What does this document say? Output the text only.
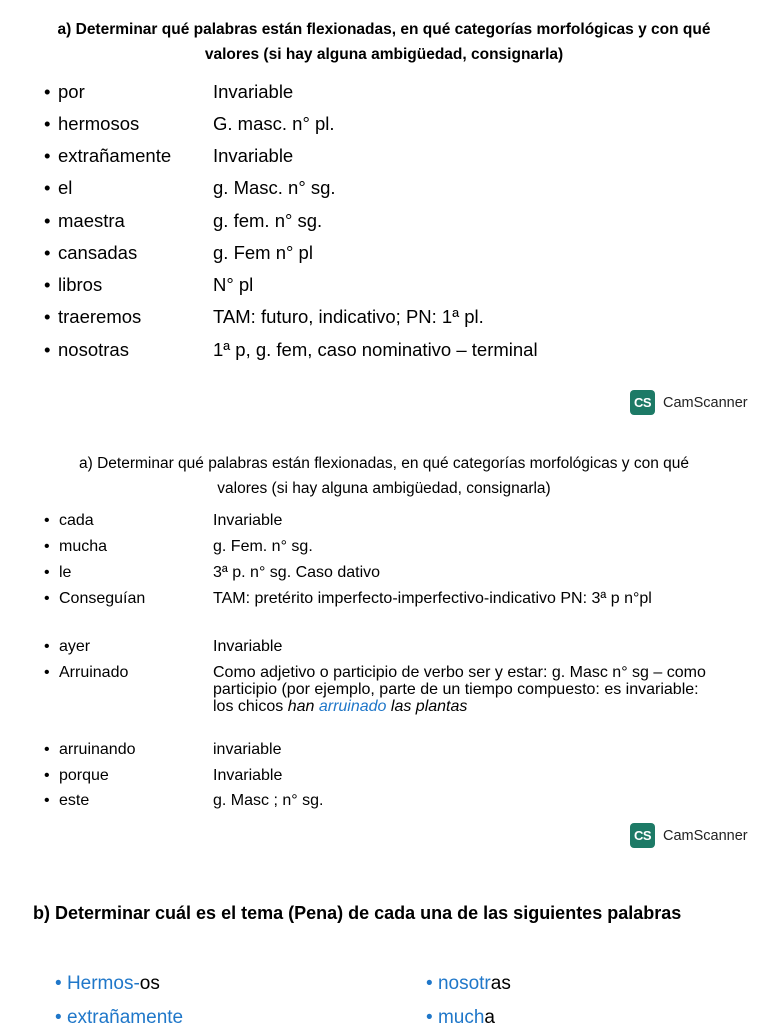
a) Determinar qué palabras están flexionadas, en qué categorías morfológicas y con qué
valores (si hay alguna ambigüedad, consignarla)
• por	Invariable
• hermosos	G. masc. n° pl.
• extrañamente Invariable
• el	g. Masc. n° sg.
• maestra	g. fem. n° sg.
• cansadas	g. Fem n° pl
• libros	N° pl
• traeremos	TAM: futuro, indicativo; PN: 1ª pl.
• nosotras	1ª p, g. fem, caso nominativo – terminal
CS CamScanner
a) Determinar qué palabras están flexionadas, en qué categorías morfológicas y con qué
valores (si hay alguna ambigüedad, consignarla)
• cada	Invariable
• mucha	g. Fem. n° sg.
• le	3ª p. n° sg. Caso dativo
• Conseguían	TAM: pretérito imperfecto-imperfectivo-indicativo PN: 3ª p n°pl
• ayer	Invariable
• Arruinado	Como adjetivo o participio de verbo ser y estar: g. Masc n° sg – como participio (por ejemplo, parte de un tiempo compuesto: es invariable: los chicos han arruinado las plantas
• arruinando	invariable
• porque	Invariable
• este	g. Masc ; n° sg.
CS CamScanner
b) Determinar cuál es el tema (Pena) de cada una de las siguientes palabras
• Hermos-os	• nosotras
• extrañamente	• mucha
